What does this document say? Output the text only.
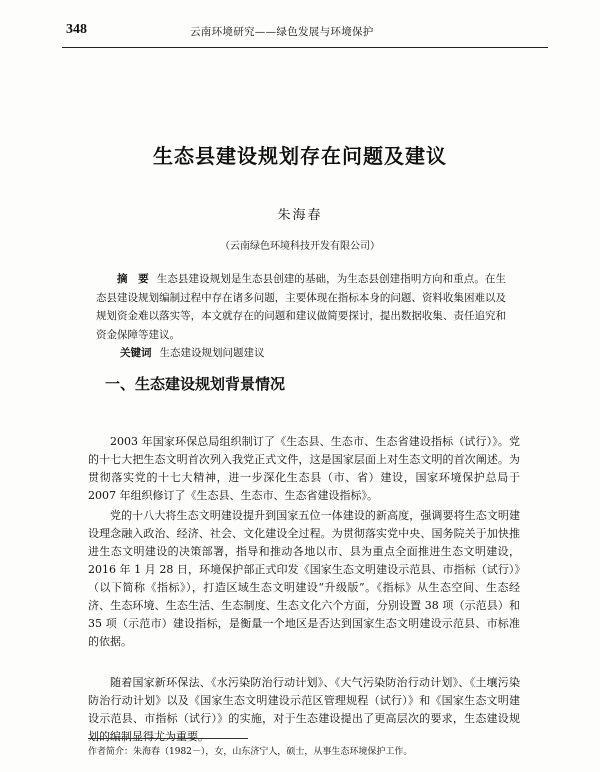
348	云南环境研究——绿色发展与环境保护
生态县建设规划存在问题及建议
朱海春
（云南绿色环境科技开发有限公司）
摘　要 生态县建设规划是生态县创建的基础，为生态县创建指明方向和重点。在生态县建设规划编制过程中存在诸多问题，主要体现在指标本身的问题、资料收集困难以及规划资金难以落实等，本文就存在的问题和建议做简要探讨，提出数据收集、责任追究和资金保障等建议。
关键词 生态建设规划问题建议
一、生态建设规划背景情况

2003 年国家环保总局组织制订了《生态县、生态市、生态省建设指标（试行）》。党的十七大把生态文明首次列入我党正式文件，这是国家层面上对生态文明的首次阐述。为贯彻落实党的十七大精神，进一步深化生态县（市、省）建设，国家环境保护总局于 2007 年组织修订了《生态县、生态市、生态省建设指标》。

党的十八大将生态文明建设提升到国家五位一体建设的新高度，强调要将生态文明建设理念融入政治、经济、社会、文化建设全过程。为贯彻落实党中央、国务院关于加快推进生态文明建设的决策部署，指导和推动各地以市、县为重点全面推进生态文明建设，2016 年 1 月 28 日，环境保护部正式印发《国家生态文明建设示范县、市指标（试行）》（以下简称《指标》），打造区域生态文明建设“升级版”。《指标》从生态空间、生态经济、生态环境、生态生活、生态制度、生态文化六个方面，分别设置 38 项（示范县）和 35 项（示范市）建设指标，是衡量一个地区是否达到国家生态文明建设示范县、市标准的依据。

随着国家新环保法、《水污染防治行动计划》、《大气污染防治行动计划》、《土壤污染防治行动计划》以及《国家生态文明建设示范区管理规程（试行）》和《国家生态文明建设示范县、市指标（试行）》的实施，对于生态建设提出了更高层次的要求，生态建设规划的编制显得尤为重要。

作者简介：朱海春（1982－），女，山东济宁人，硕士，从事生态环境保护工作。
